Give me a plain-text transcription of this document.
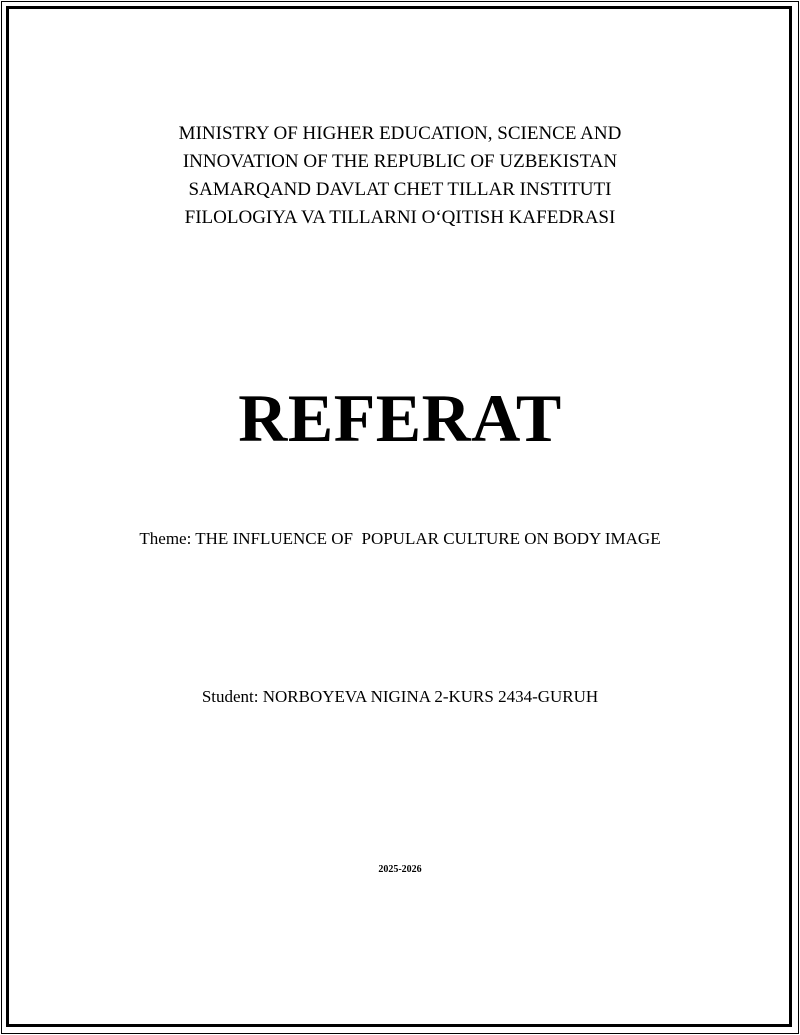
MINISTRY OF HIGHER EDUCATION, SCIENCE AND
INNOVATION OF THE REPUBLIC OF UZBEKISTAN
SAMARQAND DAVLAT CHET TILLAR INSTITUTI
FILOLOGIYA VA TILLARNI O‘QITISH KAFEDRASI
REFERAT
Theme: THE INFLUENCE OF  POPULAR CULTURE ON BODY IMAGE
Student: NORBOYEVA NIGINA 2-KURS 2434-GURUH
2025-2026
